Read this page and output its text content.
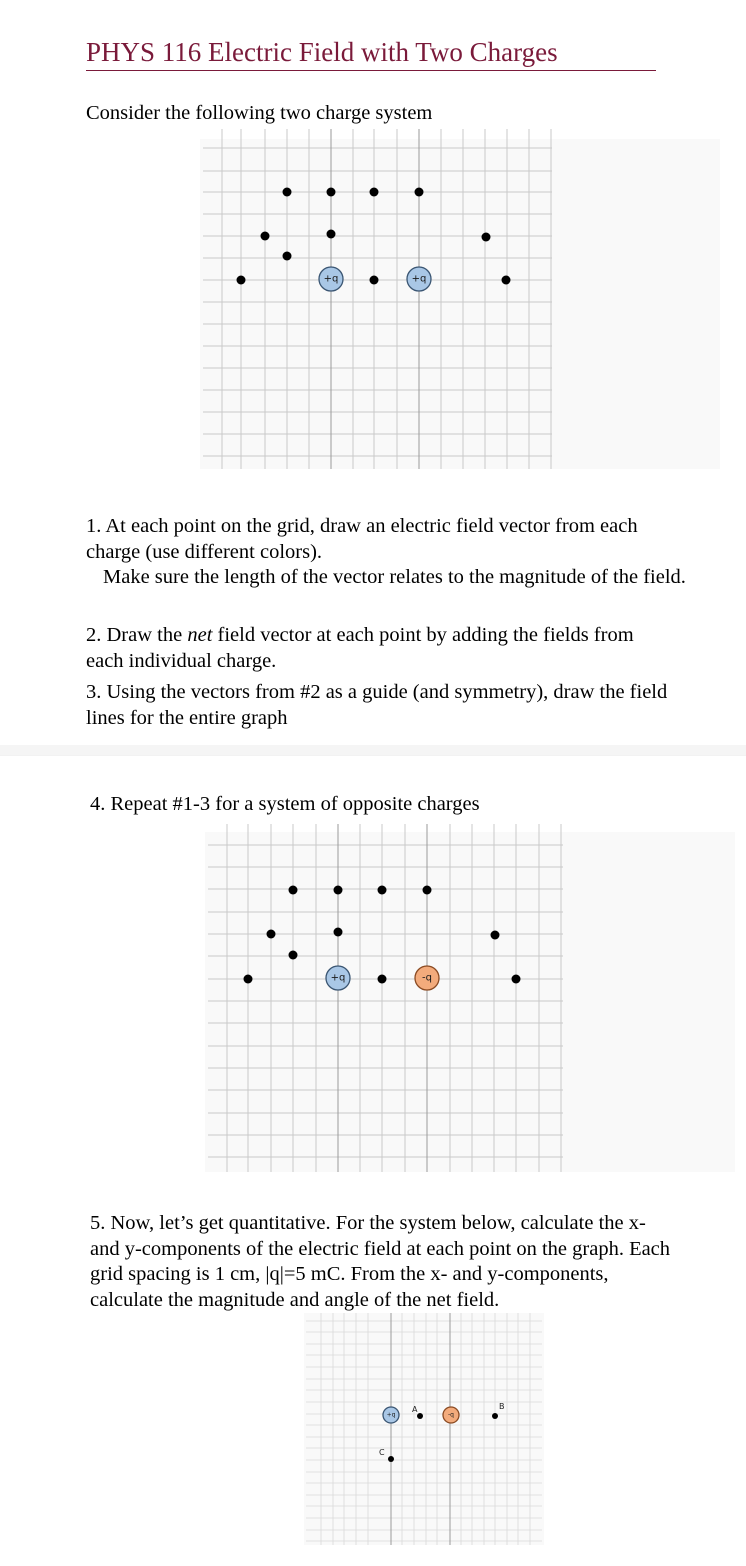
PHYS 116 Electric Field with Two Charges
Consider the following two charge system
+q	+q
1. At each point on the grid, draw an electric field vector from each charge (use different colors).
Make sure the length of the vector relates to the magnitude of the field.
2. Draw the net field vector at each point by adding the fields from each individual charge.
3. Using the vectors from #2 as a guide (and symmetry), draw the field lines for the entire graph
4. Repeat #1-3 for a system of opposite charges
+q	-q
5. Now, let’s get quantitative. For the system below, calculate the x- and y-components of the electric field at each point on the graph. Each grid spacing is 1 cm, |q|=5 mC. From the x- and y-components, calculate the magnitude and angle of the net field.
+q	-q
A	B
C
